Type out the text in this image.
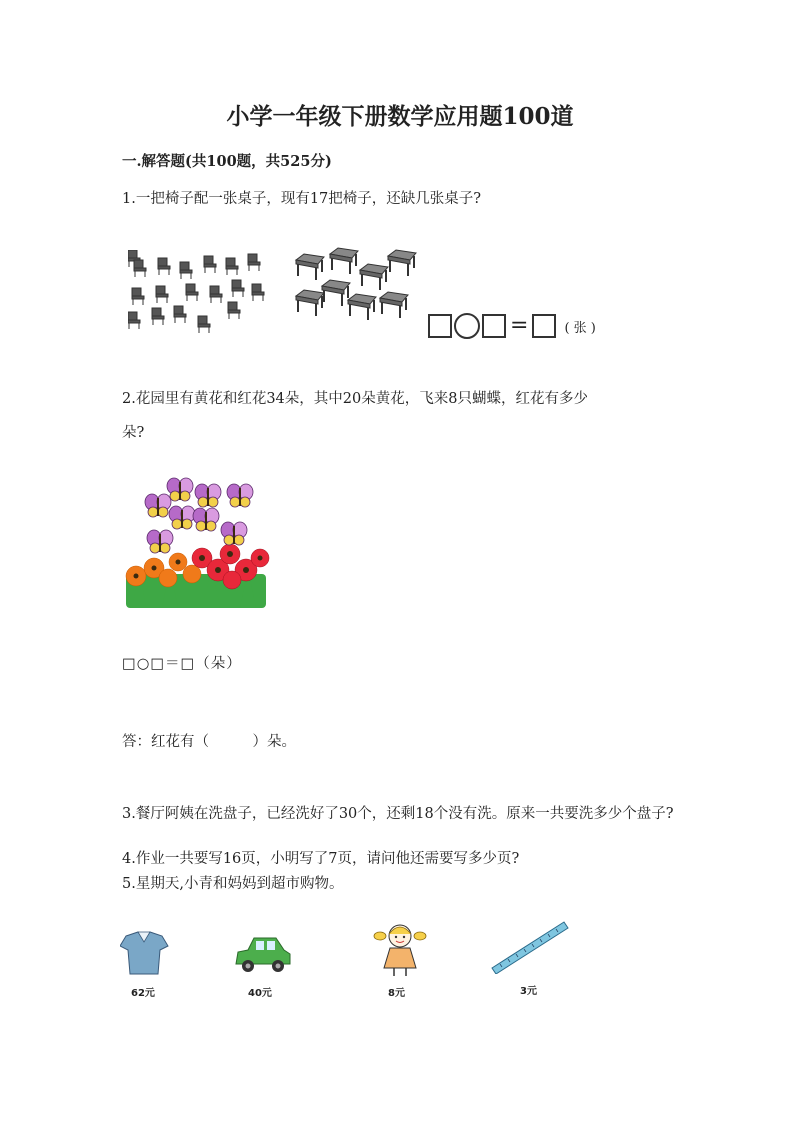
小学一年级下册数学应用题100道
一.解答题(共100题，共525分)
1.一把椅子配一张桌子，现有17把椅子，还缺几张桌子?
=	( 张 )
2.花园里有黄花和红花34朵，其中20朵黄花，飞来8只蝴蝶，红花有多少
朵?
□○□＝□（朵）
答：红花有（　　　）朵。
3.餐厅阿姨在洗盘子，已经洗好了30个，还剩18个没有洗。原来一共要洗多少个盘子?
4.作业一共要写16页，小明写了7页，请问他还需要写多少页?
5.星期天,小青和妈妈到超市购物。
62元	40元	8元	3元
